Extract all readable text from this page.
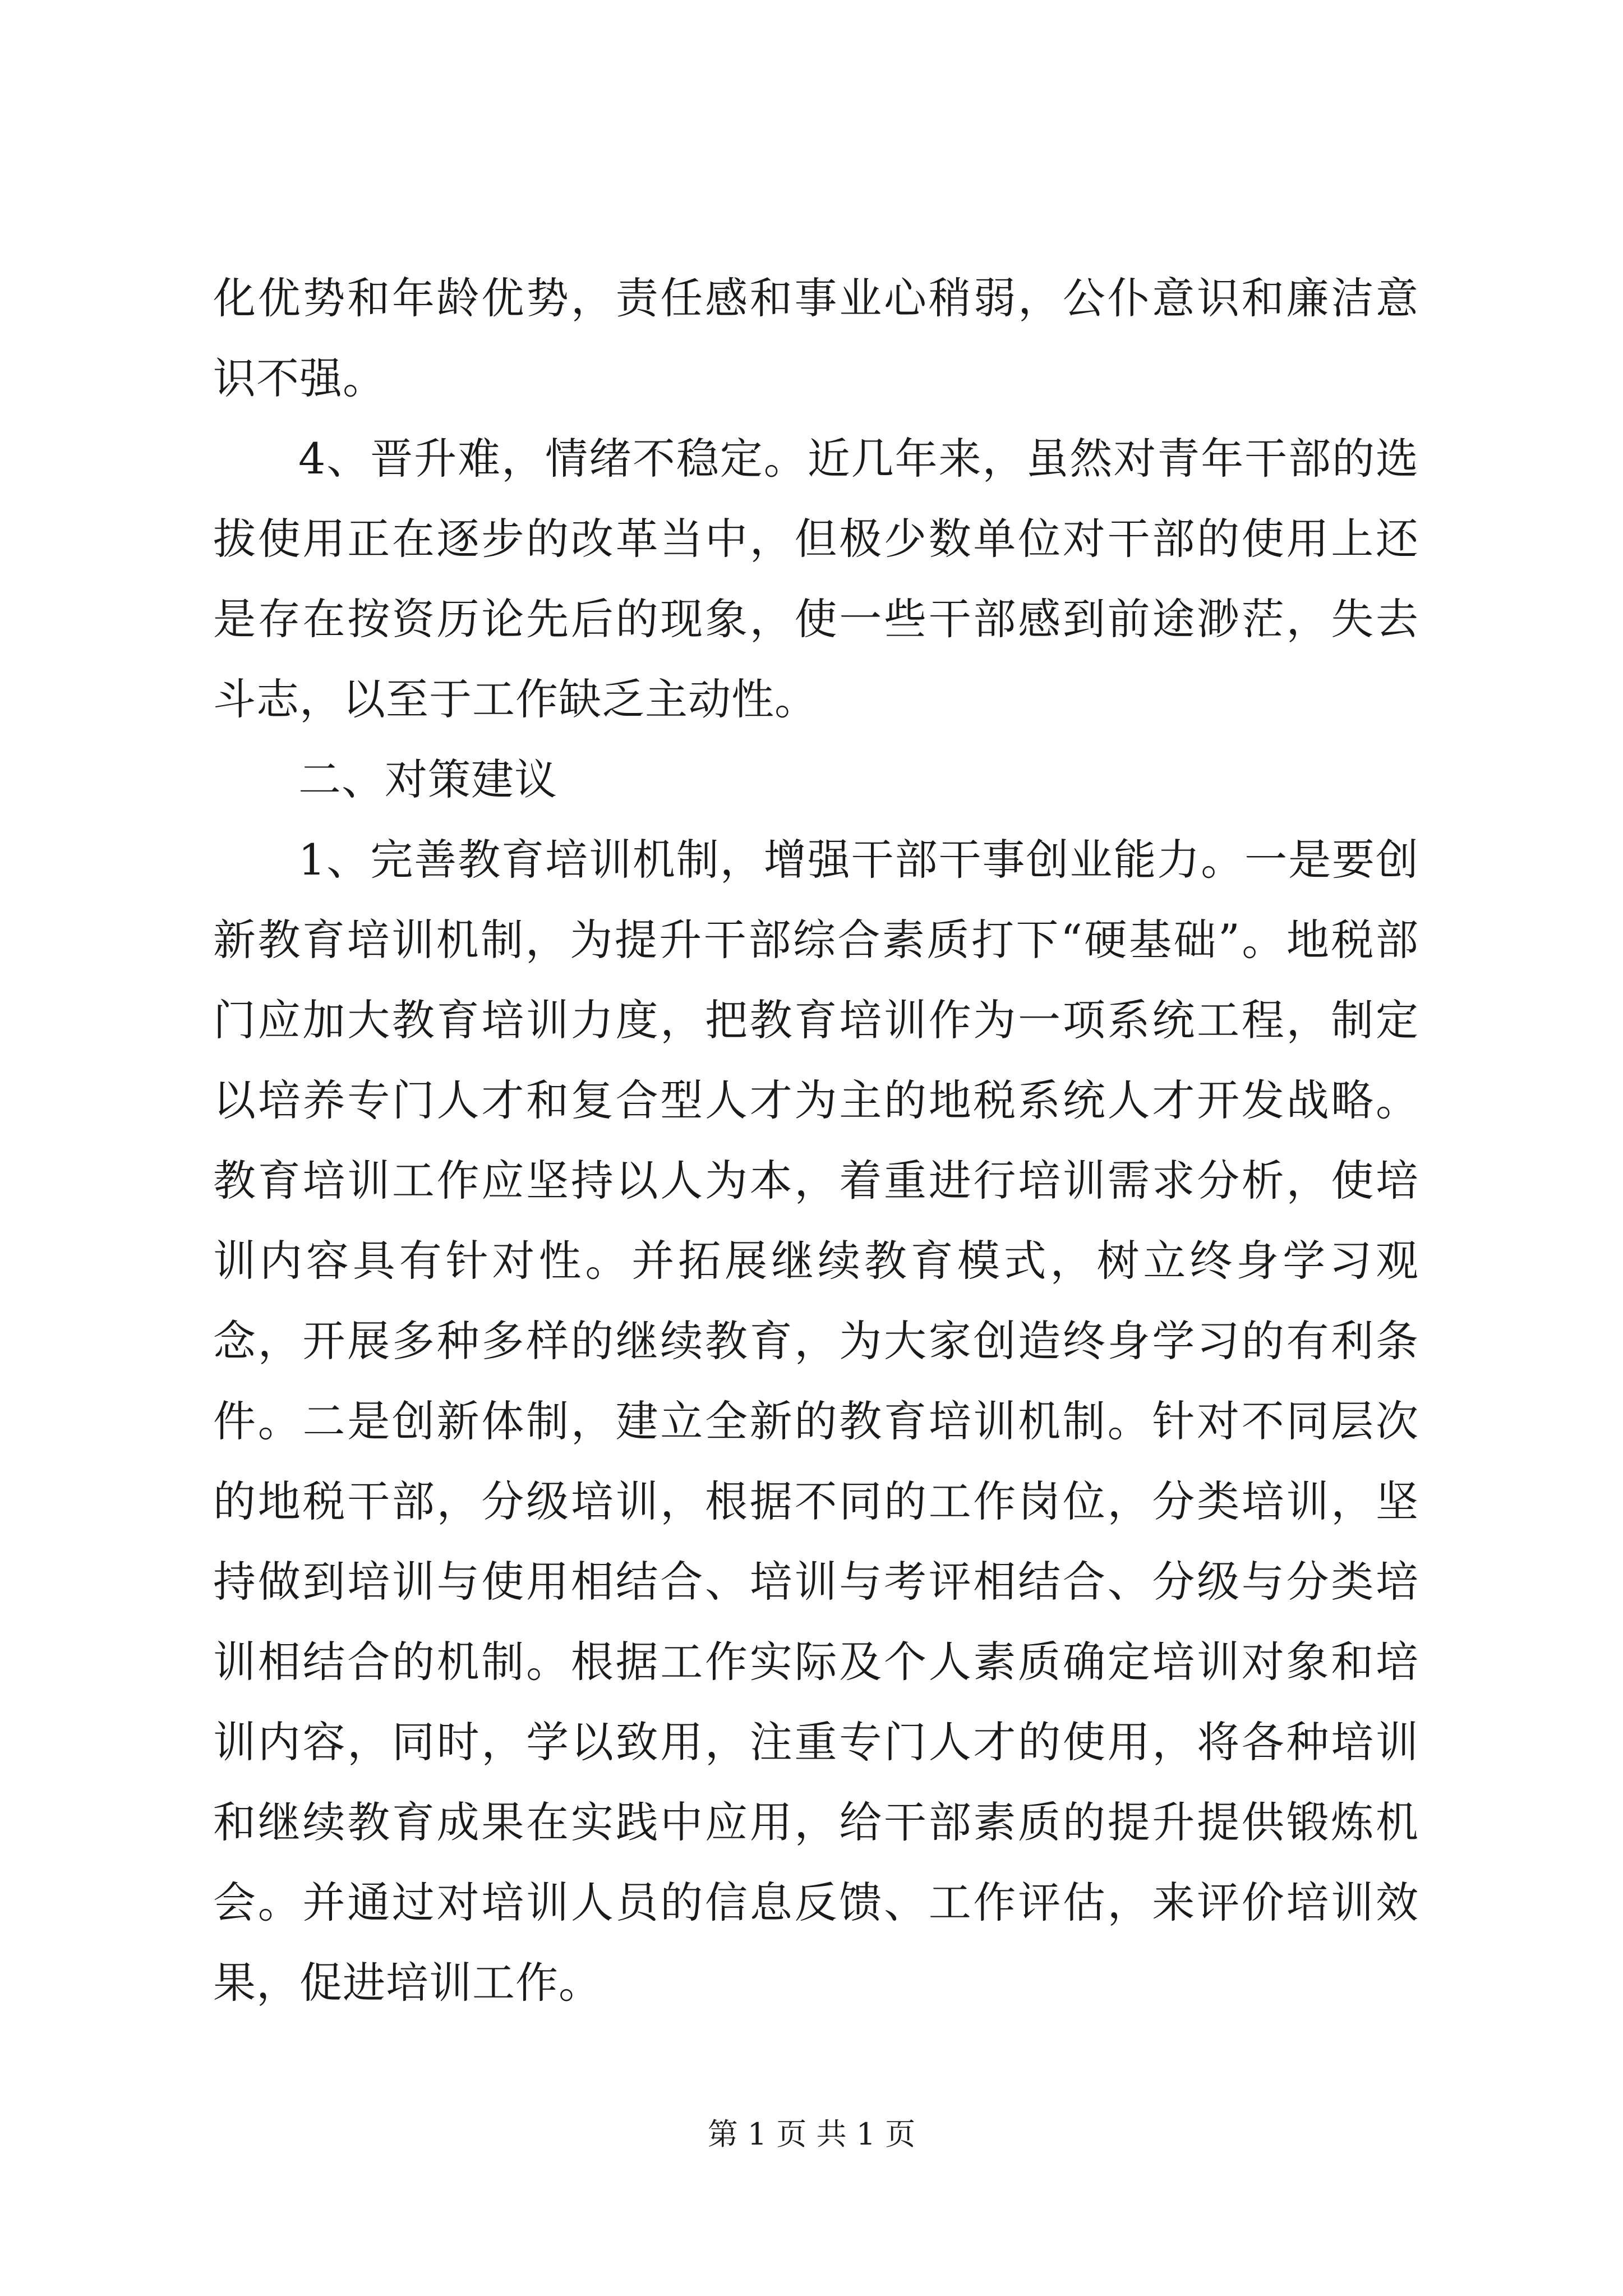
化优势和年龄优势，责任感和事业心稍弱，公仆意识和廉洁意识不强。

4、晋升难，情绪不稳定。近几年来，虽然对青年干部的选拔使用正在逐步的改革当中，但极少数单位对干部的使用上还是存在按资历论先后的现象，使一些干部感到前途渺茫，失去斗志，以至于工作缺乏主动性。

二、对策建议

1、完善教育培训机制，增强干部干事创业能力。一是要创新教育培训机制，为提升干部综合素质打下“硬基础”。地税部门应加大教育培训力度，把教育培训作为一项系统工程，制定以培养专门人才和复合型人才为主的地税系统人才开发战略。教育培训工作应坚持以人为本，着重进行培训需求分析，使培训内容具有针对性。并拓展继续教育模式，树立终身学习观念，开展多种多样的继续教育，为大家创造终身学习的有利条件。二是创新体制，建立全新的教育培训机制。针对不同层次的地税干部，分级培训，根据不同的工作岗位，分类培训，坚持做到培训与使用相结合、培训与考评相结合、分级与分类培训相结合的机制。根据工作实际及个人素质确定培训对象和培训内容，同时，学以致用，注重专门人才的使用，将各种培训和继续教育成果在实践中应用，给干部素质的提升提供锻炼机会。并通过对培训人员的信息反馈、工作评估，来评价培训效果，促进培训工作。

第 1 页 共 1 页
